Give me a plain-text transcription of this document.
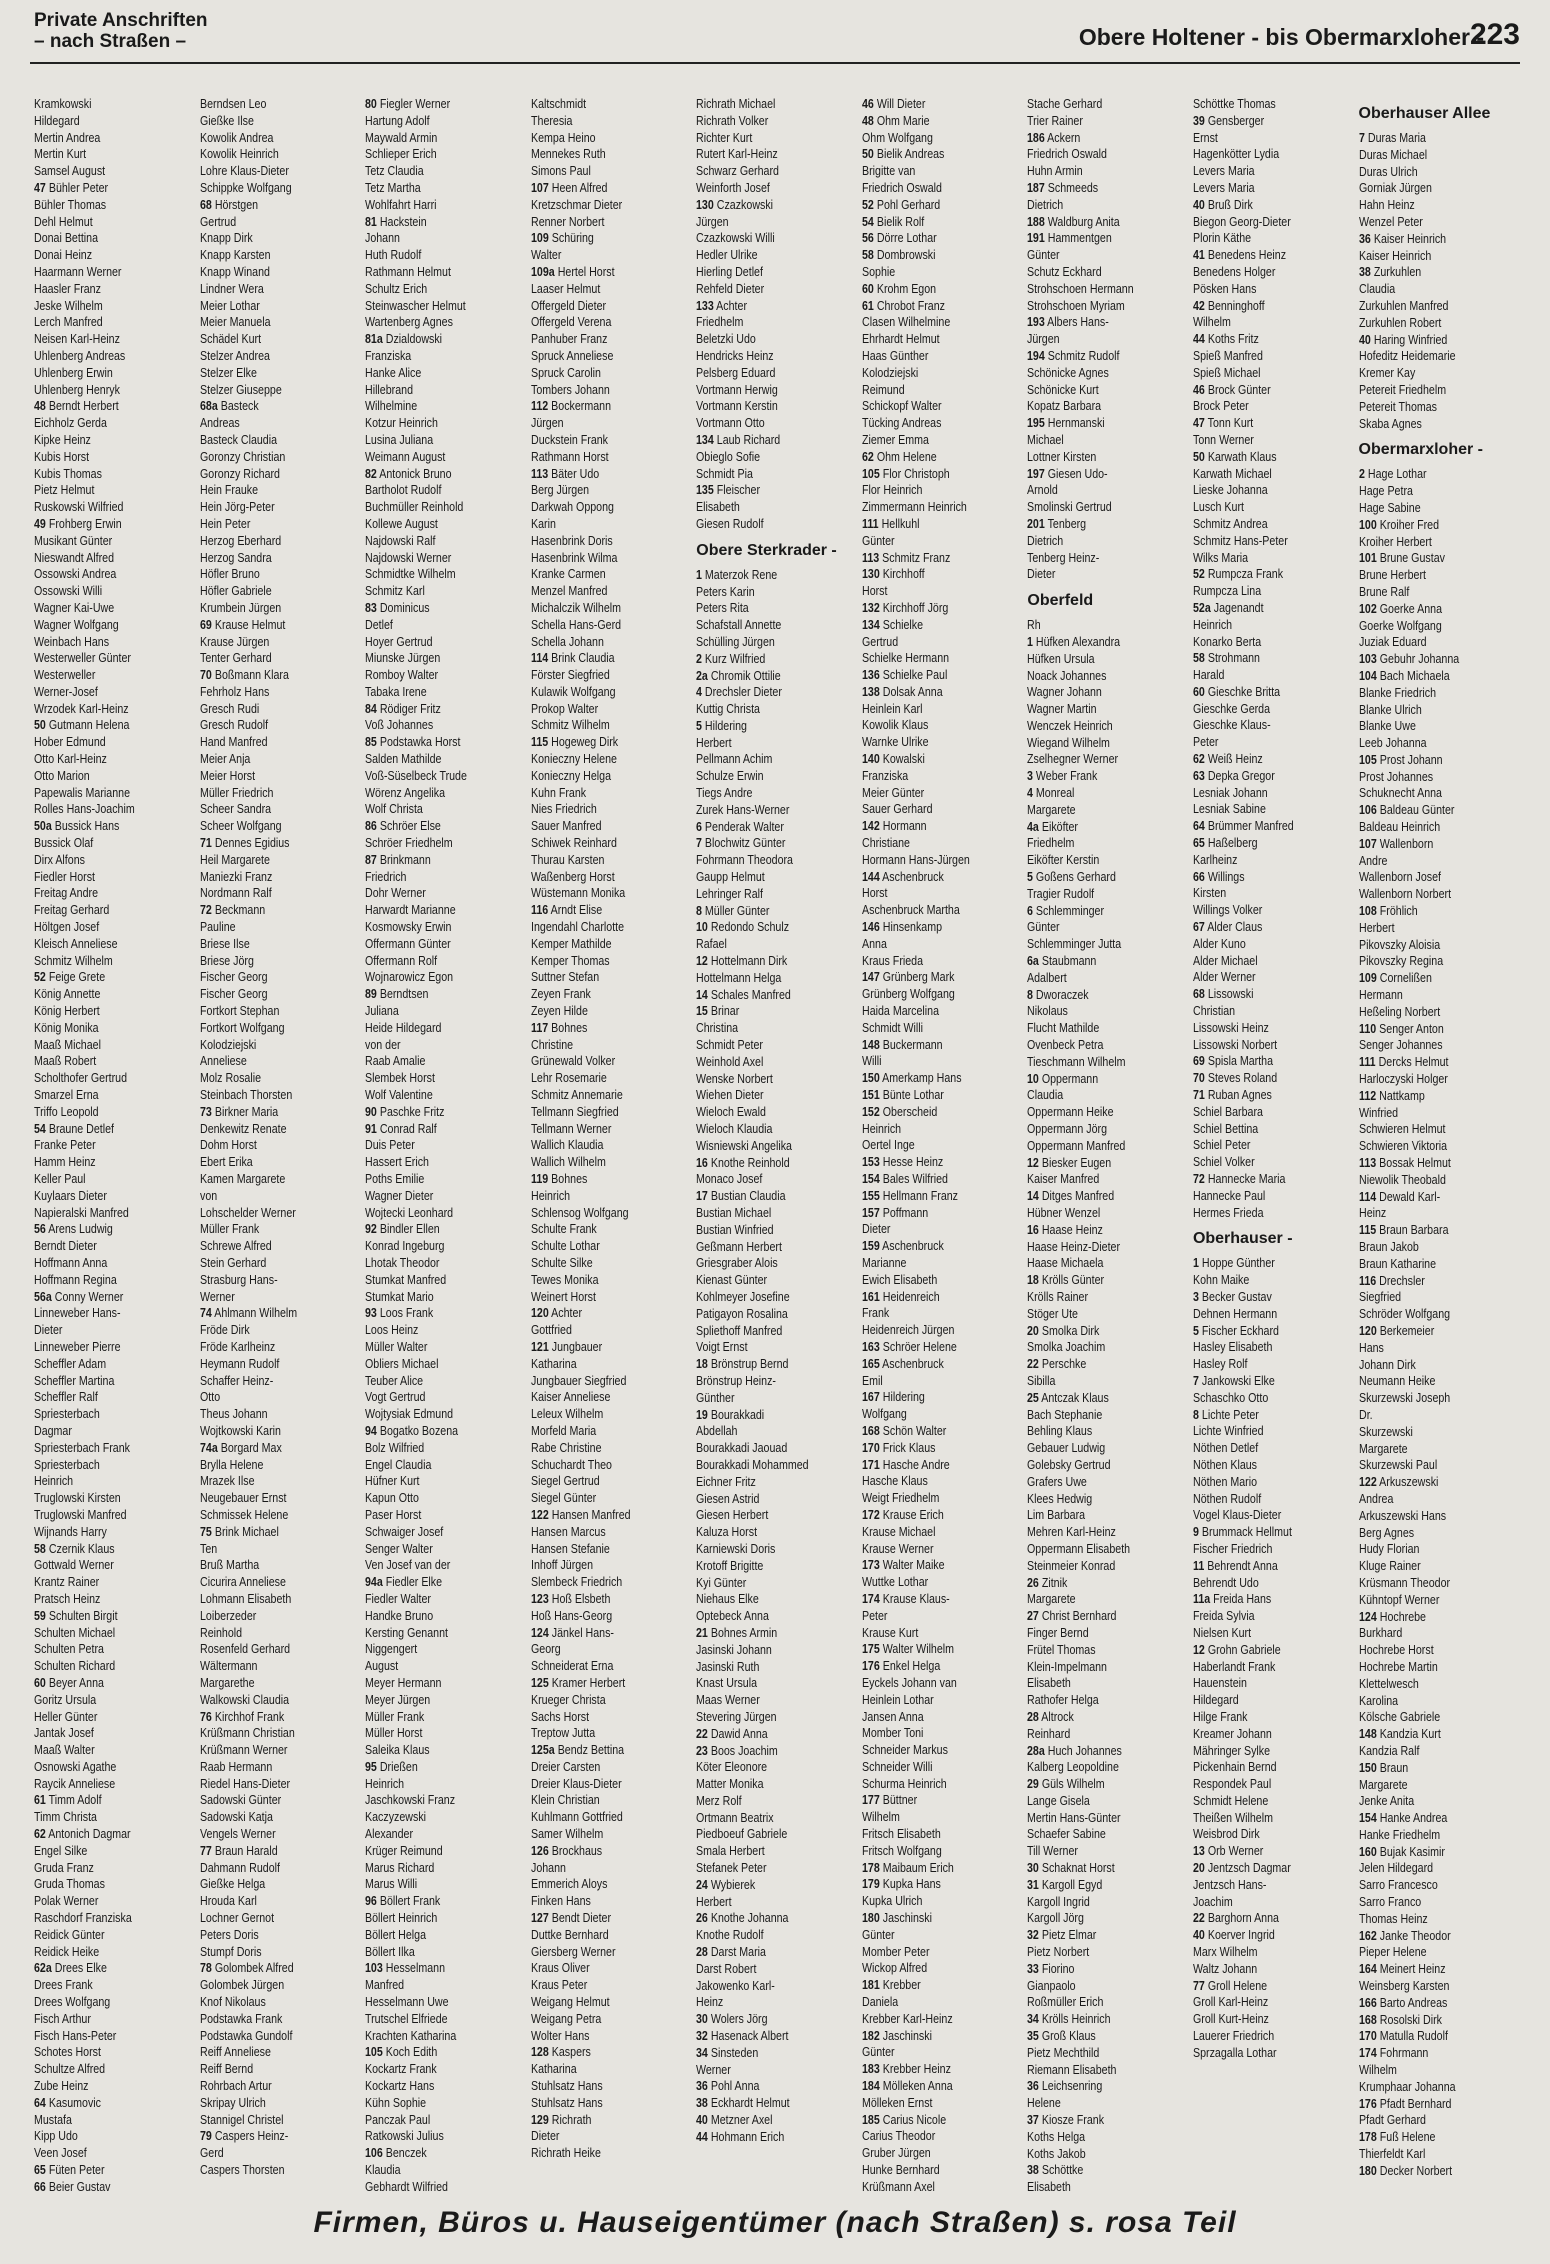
Private Anschriften
– nach Straßen –	Obere Holtener - bis Obermarxloher -
223
Kramkowski
Hildegard
Mertin Andrea
Mertin Kurt
Samsel August
47 Bühler Peter
Bühler Thomas
Dehl Helmut
Donai Bettina
Donai Heinz
Haarmann Werner
Haasler Franz
Jeske Wilhelm
Lerch Manfred
Neisen Karl-Heinz
Uhlenberg Andreas
Uhlenberg Erwin
Uhlenberg Henryk
48 Berndt Herbert
Eichholz Gerda
Kipke Heinz
Kubis Horst
Kubis Thomas
Pietz Helmut
Ruskowski Wilfried
49 Frohberg Erwin
Musikant Günter
Nieswandt Alfred
Ossowski Andrea
Ossowski Willi
Wagner Kai-Uwe
Wagner Wolfgang
Weinbach Hans
Westerweller Günter
Westerweller
Werner-Josef
Wrzodek Karl-Heinz
50 Gutmann Helena
Hober Edmund
Otto Karl-Heinz
Otto Marion
Papewalis Marianne
Rolles Hans-Joachim
50a Bussick Hans
Bussick Olaf
Dirx Alfons
Fiedler Horst
Freitag Andre
Freitag Gerhard
Höltgen Josef
Kleisch Anneliese
Schmitz Wilhelm
52 Feige Grete
König Annette
König Herbert
König Monika
Maaß Michael
Maaß Robert
Scholthofer Gertrud
Smarzel Erna
Triffo Leopold
54 Braune Detlef
Franke Peter
Hamm Heinz
Keller Paul
Kuylaars Dieter
Napieralski Manfred
56 Arens Ludwig
Berndt Dieter
Hoffmann Anna
Hoffmann Regina
56a Conny Werner
Linneweber Hans-
Dieter
Linneweber Pierre
Scheffler Adam
Scheffler Martina
Scheffler Ralf
Spriesterbach
Dagmar
Spriesterbach Frank
Spriesterbach
Heinrich
Truglowski Kirsten
Truglowski Manfred
Wijnands Harry
58 Czernik Klaus
Gottwald Werner
Krantz Rainer
Pratsch Heinz
59 Schulten Birgit
Schulten Michael
Schulten Petra
Schulten Richard
60 Beyer Anna
Goritz Ursula
Heller Günter
Jantak Josef
Maaß Walter
Osnowski Agathe
Raycik Anneliese
61 Timm Adolf
Timm Christa
62 Antonich Dagmar
Engel Silke
Gruda Franz
Gruda Thomas
Polak Werner
Raschdorf Franziska
Reidick Günter
Reidick Heike
62a Drees Elke
Drees Frank
Drees Wolfgang
Fisch Arthur
Fisch Hans-Peter
Schotes Horst
Schultze Alfred
Zube Heinz
64 Kasumovic
Mustafa
Kipp Udo
Veen Josef
65 Füten Peter
66 Beier Gustav
Berndsen Leo
Gießke Ilse
Kowolik Andrea
Kowolik Heinrich
Lohre Klaus-Dieter
Schippke Wolfgang
68 Hörstgen
Gertrud
Knapp Dirk
Knapp Karsten
Knapp Winand
Lindner Wera
Meier Lothar
Meier Manuela
Schädel Kurt
Stelzer Andrea
Stelzer Elke
Stelzer Giuseppe
68a Basteck
Andreas
Basteck Claudia
Goronzy Christian
Goronzy Richard
Hein Frauke
Hein Jörg-Peter
Hein Peter
Herzog Eberhard
Herzog Sandra
Höfler Bruno
Höfler Gabriele
Krumbein Jürgen
69 Krause Helmut
Krause Jürgen
Tenter Gerhard
70 Boßmann Klara
Fehrholz Hans
Gresch Rudi
Gresch Rudolf
Hand Manfred
Meier Anja
Meier Horst
Müller Friedrich
Scheer Sandra
Scheer Wolfgang
71 Dennes Egidius
Heil Margarete
Maniezki Franz
Nordmann Ralf
72 Beckmann
Pauline
Briese Ilse
Briese Jörg
Fischer Georg
Fischer Georg
Fortkort Stephan
Fortkort Wolfgang
Kolodziejski
Anneliese
Molz Rosalie
Steinbach Thorsten
73 Birkner Maria
Denkewitz Renate
Dohm Horst
Ebert Erika
Kamen Margarete
von
Lohschelder Werner
Müller Frank
Schrewe Alfred
Stein Gerhard
Strasburg Hans-
Werner
74 Ahlmann Wilhelm
Fröde Dirk
Fröde Karlheinz
Heymann Rudolf
Schaffer Heinz-
Otto
Theus Johann
Wojtkowski Karin
74a Borgard Max
Brylla Helene
Mrazek Ilse
Neugebauer Ernst
Schmissek Helene
75 Brink Michael
Ten
Bruß Martha
Cicurira Anneliese
Lohmann Elisabeth
Loiberzeder
Reinhold
Rosenfeld Gerhard
Wältermann
Margarethe
Walkowski Claudia
76 Kirchhof Frank
Krüßmann Christian
Krüßmann Werner
Raab Hermann
Riedel Hans-Dieter
Sadowski Günter
Sadowski Katja
Vengels Werner
77 Braun Harald
Dahmann Rudolf
Gießke Helga
Hrouda Karl
Lochner Gernot
Peters Doris
Stumpf Doris
78 Golombek Alfred
Golombek Jürgen
Knof Nikolaus
Podstawka Frank
Podstawka Gundolf
Reiff Anneliese
Reiff Bernd
Rohrbach Artur
Skripay Ulrich
Stannigel Christel
79 Caspers Heinz-
Gerd
Caspers Thorsten
80 Fiegler Werner
Hartung Adolf
Maywald Armin
Schlieper Erich
Tetz Claudia
Tetz Martha
Wohlfahrt Harri
81 Hackstein
Johann
Huth Rudolf
Rathmann Helmut
Schultz Erich
Steinwascher Helmut
Wartenberg Agnes
81a Dzialdowski
Franziska
Hanke Alice
Hillebrand
Wilhelmine
Kotzur Heinrich
Lusina Juliana
Weimann August
82 Antonick Bruno
Bartholot Rudolf
Buchmüller Reinhold
Kollewe August
Najdowski Ralf
Najdowski Werner
Schmidtke Wilhelm
Schmitz Karl
83 Dominicus
Detlef
Hoyer Gertrud
Miunske Jürgen
Romboy Walter
Tabaka Irene
84 Rödiger Fritz
Voß Johannes
85 Podstawka Horst
Salden Mathilde
Voß-Süselbeck Trude
Wörenz Angelika
Wolf Christa
86 Schröer Else
Schröer Friedhelm
87 Brinkmann
Friedrich
Dohr Werner
Harwardt Marianne
Kosmowsky Erwin
Offermann Günter
Offermann Rolf
Wojnarowicz Egon
89 Berndtsen
Juliana
Heide Hildegard
von der
Raab Amalie
Slembek Horst
Wolf Valentine
90 Paschke Fritz
91 Conrad Ralf
Duis Peter
Hassert Erich
Poths Emilie
Wagner Dieter
Wojtecki Leonhard
92 Bindler Ellen
Konrad Ingeburg
Lhotak Theodor
Stumkat Manfred
Stumkat Mario
93 Loos Frank
Loos Heinz
Müller Walter
Obliers Michael
Teuber Alice
Vogt Gertrud
Wojtysiak Edmund
94 Bogatko Bozena
Bolz Wilfried
Engel Claudia
Hüfner Kurt
Kapun Otto
Paser Horst
Schwaiger Josef
Senger Walter
Ven Josef van der
94a Fiedler Elke
Fiedler Walter
Handke Bruno
Kersting Genannt
Niggengert
August
Meyer Hermann
Meyer Jürgen
Müller Frank
Müller Horst
Saleika Klaus
95 Drießen
Heinrich
Jaschkowski Franz
Kaczyzewski
Alexander
Krüger Reimund
Marus Richard
Marus Willi
96 Böllert Frank
Böllert Heinrich
Böllert Helga
Böllert Ilka
103 Hesselmann
Manfred
Hesselmann Uwe
Trutschel Elfriede
Krachten Katharina
105 Koch Edith
Kockartz Frank
Kockartz Hans
Kühn Sophie
Panczak Paul
Ratkowski Julius
106 Benczek
Klaudia
Gebhardt Wilfried
Kaltschmidt
Theresia
Kempa Heino
Mennekes Ruth
Simons Paul
107 Heen Alfred
Kretzschmar Dieter
Renner Norbert
109 Schüring
Walter
109a Hertel Horst
Laaser Helmut
Offergeld Dieter
Offergeld Verena
Panhuber Franz
Spruck Anneliese
Spruck Carolin
Tombers Johann
112 Bockermann
Jürgen
Duckstein Frank
Rathmann Horst
113 Bäter Udo
Berg Jürgen
Darkwah Oppong
Karin
Hasenbrink Doris
Hasenbrink Wilma
Kranke Carmen
Menzel Manfred
Michalczik Wilhelm
Schella Hans-Gerd
Schella Johann
114 Brink Claudia
Förster Siegfried
Kulawik Wolfgang
Prokop Walter
Schmitz Wilhelm
115 Hogeweg Dirk
Konieczny Helene
Konieczny Helga
Kuhn Frank
Nies Friedrich
Sauer Manfred
Schiwek Reinhard
Thurau Karsten
Waßenberg Horst
Wüstemann Monika
116 Arndt Elise
Ingendahl Charlotte
Kemper Mathilde
Kemper Thomas
Suttner Stefan
Zeyen Frank
Zeyen Hilde
117 Bohnes
Christine
Grünewald Volker
Lehr Rosemarie
Schmitz Annemarie
Tellmann Siegfried
Tellmann Werner
Wallich Klaudia
Wallich Wilhelm
119 Bohnes
Heinrich
Schlensog Wolfgang
Schulte Frank
Schulte Lothar
Schulte Silke
Tewes Monika
Weinert Horst
120 Achter
Gottfried
121 Jungbauer
Katharina
Jungbauer Siegfried
Kaiser Anneliese
Leleux Wilhelm
Morfeld Maria
Rabe Christine
Schuchardt Theo
Siegel Gertrud
Siegel Günter
122 Hansen Manfred
Hansen Marcus
Hansen Stefanie
Inhoff Jürgen
Slembeck Friedrich
123 Hoß Elsbeth
Hoß Hans-Georg
124 Jänkel Hans-
Georg
Schneiderat Erna
125 Kramer Herbert
Krueger Christa
Sachs Horst
Treptow Jutta
125a Bendz Bettina
Dreier Carsten
Dreier Klaus-Dieter
Klein Christian
Kuhlmann Gottfried
Samer Wilhelm
126 Brockhaus
Johann
Emmerich Aloys
Finken Hans
127 Bendt Dieter
Duttke Bernhard
Giersberg Werner
Kraus Oliver
Kraus Peter
Weigang Helmut
Weigang Petra
Wolter Hans
128 Kaspers
Katharina
Stuhlsatz Hans
Stuhlsatz Hans
129 Richrath
Dieter
Richrath Heike
Richrath Michael
Richrath Volker
Richter Kurt
Rutert Karl-Heinz
Schwarz Gerhard
Weinforth Josef
130 Czazkowski
Jürgen
Czazkowski Willi
Hedler Ulrike
Hierling Detlef
Rehfeld Dieter
133 Achter
Friedhelm
Beletzki Udo
Hendricks Heinz
Pelsberg Eduard
Vortmann Herwig
Vortmann Kerstin
Vortmann Otto
134 Laub Richard
Obieglo Sofie
Schmidt Pia
135 Fleischer
Elisabeth
Giesen Rudolf
Obere Sterkrader -
1 Materzok Rene
Peters Karin
Peters Rita
Schafstall Annette
Schülling Jürgen
2 Kurz Wilfried
2a Chromik Ottilie
4 Drechsler Dieter
Kuttig Christa
5 Hildering
Herbert
Pellmann Achim
Schulze Erwin
Tiegs Andre
Zurek Hans-Werner
6 Penderak Walter
7 Blochwitz Günter
Fohrmann Theodora
Gaupp Helmut
Lehringer Ralf
8 Müller Günter
10 Redondo Schulz
Rafael
12 Hottelmann Dirk
Hottelmann Helga
14 Schales Manfred
15 Brinar
Christina
Schmidt Peter
Weinhold Axel
Wenske Norbert
Wiehen Dieter
Wieloch Ewald
Wieloch Klaudia
Wisniewski Angelika
16 Knothe Reinhold
Monaco Josef
17 Bustian Claudia
Bustian Michael
Bustian Winfried
Geßmann Herbert
Griesgraber Alois
Kienast Günter
Kohlmeyer Josefine
Patigayon Rosalina
Spliethoff Manfred
Voigt Ernst
18 Brönstrup Bernd
Brönstrup Heinz-
Günther
19 Bourakkadi
Abdellah
Bourakkadi Jaouad
Bourakkadi Mohammed
Eichner Fritz
Giesen Astrid
Giesen Herbert
Kaluza Horst
Karniewski Doris
Krotoff Brigitte
Kyi Günter
Niehaus Elke
Optebeck Anna
21 Bohnes Armin
Jasinski Johann
Jasinski Ruth
Knast Ursula
Maas Werner
Stevering Jürgen
22 Dawid Anna
23 Boos Joachim
Köter Eleonore
Matter Monika
Merz Rolf
Ortmann Beatrix
Piedboeuf Gabriele
Smala Herbert
Stefanek Peter
24 Wybierek
Herbert
26 Knothe Johanna
Knothe Rudolf
28 Darst Maria
Darst Robert
Jakowenko Karl-
Heinz
30 Wolers Jörg
32 Hasenack Albert
34 Sinsteden
Werner
36 Pohl Anna
38 Eckhardt Helmut
40 Metzner Axel
44 Hohmann Erich
46 Will Dieter
48 Ohm Marie
Ohm Wolfgang
50 Bielik Andreas
Brigitte van
Friedrich Oswald
52 Pohl Gerhard
54 Bielik Rolf
56 Dörre Lothar
58 Dombrowski
Sophie
60 Krohm Egon
61 Chrobot Franz
Clasen Wilhelmine
Ehrhardt Helmut
Haas Günther
Kolodziejski
Reimund
Schickopf Walter
Tücking Andreas
Ziemer Emma
62 Ohm Helene
105 Flor Christoph
Flor Heinrich
Zimmermann Heinrich
111 Hellkuhl
Günter
113 Schmitz Franz
130 Kirchhoff
Horst
132 Kirchhoff Jörg
134 Schielke
Gertrud
Schielke Hermann
136 Schielke Paul
138 Dolsak Anna
Heinlein Karl
Kowolik Klaus
Warnke Ulrike
140 Kowalski
Franziska
Meier Günter
Sauer Gerhard
142 Hormann
Christiane
Hormann Hans-Jürgen
144 Aschenbruck
Horst
Aschenbruck Martha
146 Hinsenkamp
Anna
Kraus Frieda
147 Grünberg Mark
Grünberg Wolfgang
Haida Marcelina
Schmidt Willi
148 Buckermann
Willi
150 Amerkamp Hans
151 Bünte Lothar
152 Oberscheid
Heinrich
Oertel Inge
153 Hesse Heinz
154 Bales Wilfried
155 Hellmann Franz
157 Poffmann
Dieter
159 Aschenbruck
Marianne
Ewich Elisabeth
161 Heidenreich
Frank
Heidenreich Jürgen
163 Schröer Helene
165 Aschenbruck
Emil
167 Hildering
Wolfgang
168 Schön Walter
170 Frick Klaus
171 Hasche Andre
Hasche Klaus
Weigt Friedhelm
172 Krause Erich
Krause Michael
Krause Werner
173 Walter Maike
Wuttke Lothar
174 Krause Klaus-
Peter
Krause Kurt
175 Walter Wilhelm
176 Enkel Helga
Eyckels Johann van
Heinlein Lothar
Jansen Anna
Momber Toni
Schneider Markus
Schneider Willi
Schurma Heinrich
177 Büttner
Wilhelm
Fritsch Elisabeth
Fritsch Wolfgang
178 Maibaum Erich
179 Kupka Hans
Kupka Ulrich
180 Jaschinski
Günter
Momber Peter
Wickop Alfred
181 Krebber
Daniela
Krebber Karl-Heinz
182 Jaschinski
Günter
183 Krebber Heinz
184 Mölleken Anna
Mölleken Ernst
185 Carius Nicole
Carius Theodor
Gruber Jürgen
Hunke Bernhard
Krüßmann Axel
Stache Gerhard
Trier Rainer
186 Ackern
Friedrich Oswald
Huhn Armin
187 Schmeeds
Dietrich
188 Waldburg Anita
191 Hammentgen
Günter
Schutz Eckhard
Strohschoen Hermann
Strohschoen Myriam
193 Albers Hans-
Jürgen
194 Schmitz Rudolf
Schönicke Agnes
Schönicke Kurt
Kopatz Barbara
195 Hernmanski
Michael
Lottner Kirsten
197 Giesen Udo-
Arnold
Smolinski Gertrud
201 Tenberg
Dietrich
Tenberg Heinz-
Dieter
Oberfeld
Rh
1 Hüfken Alexandra
Hüfken Ursula
Noack Johannes
Wagner Johann
Wagner Martin
Wenczek Heinrich
Wiegand Wilhelm
Zselhegner Werner
3 Weber Frank
4 Monreal
Margarete
4a Eiköfter
Friedhelm
Eiköfter Kerstin
5 Goßens Gerhard
Tragier Rudolf
6 Schlemminger
Günter
Schlemminger Jutta
6a Staubmann
Adalbert
8 Dworaczek
Nikolaus
Flucht Mathilde
Ovenbeck Petra
Tieschmann Wilhelm
10 Oppermann
Claudia
Oppermann Heike
Oppermann Jörg
Oppermann Manfred
12 Biesker Eugen
Kaiser Manfred
14 Ditges Manfred
Hübner Wenzel
16 Haase Heinz
Haase Heinz-Dieter
Haase Michaela
18 Krölls Günter
Krölls Rainer
Stöger Ute
20 Smolka Dirk
Smolka Joachim
22 Perschke
Sibilla
25 Antczak Klaus
Bach Stephanie
Behling Klaus
Gebauer Ludwig
Golebsky Gertrud
Grafers Uwe
Klees Hedwig
Lim Barbara
Mehren Karl-Heinz
Oppermann Elisabeth
Steinmeier Konrad
26 Zitnik
Margarete
27 Christ Bernhard
Finger Bernd
Frütel Thomas
Klein-Impelmann
Elisabeth
Rathofer Helga
28 Altrock
Reinhard
28a Huch Johannes
Kalberg Leopoldine
29 Güls Wilhelm
Lange Gisela
Mertin Hans-Günter
Schaefer Sabine
Till Werner
30 Schaknat Horst
31 Kargoll Egyd
Kargoll Ingrid
Kargoll Jörg
32 Pietz Elmar
Pietz Norbert
33 Fiorino
Gianpaolo
Roßmüller Erich
34 Krölls Heinrich
35 Groß Klaus
Pietz Mechthild
Riemann Elisabeth
36 Leichsenring
Helene
37 Kiosze Frank
Koths Helga
Koths Jakob
38 Schöttke
Elisabeth
Schöttke Thomas
39 Gensberger
Ernst
Hagenkötter Lydia
Levers Maria
Levers Maria
40 Bruß Dirk
Biegon Georg-Dieter
Plorin Käthe
41 Benedens Heinz
Benedens Holger
Pösken Hans
42 Benninghoff
Wilhelm
44 Koths Fritz
Spieß Manfred
Spieß Michael
46 Brock Günter
Brock Peter
47 Tonn Kurt
Tonn Werner
50 Karwath Klaus
Karwath Michael
Lieske Johanna
Lusch Kurt
Schmitz Andrea
Schmitz Hans-Peter
Wilks Maria
52 Rumpcza Frank
Rumpcza Lina
52a Jagenandt
Heinrich
Konarko Berta
58 Strohmann
Harald
60 Gieschke Britta
Gieschke Gerda
Gieschke Klaus-
Peter
62 Weiß Heinz
63 Depka Gregor
Lesniak Johann
Lesniak Sabine
64 Brümmer Manfred
65 Haßelberg
Karlheinz
66 Willings
Kirsten
Willings Volker
67 Alder Claus
Alder Kuno
Alder Michael
Alder Werner
68 Lissowski
Christian
Lissowski Heinz
Lissowski Norbert
69 Spisla Martha
70 Steves Roland
71 Ruban Agnes
Schiel Barbara
Schiel Bettina
Schiel Peter
Schiel Volker
72 Hannecke Maria
Hannecke Paul
Hermes Frieda
Oberhauser -
1 Hoppe Günther
Kohn Maike
3 Becker Gustav
Dehnen Hermann
5 Fischer Eckhard
Hasley Elisabeth
Hasley Rolf
7 Jankowski Elke
Schaschko Otto
8 Lichte Peter
Lichte Winfried
Nöthen Detlef
Nöthen Klaus
Nöthen Mario
Nöthen Rudolf
Vogel Klaus-Dieter
9 Brummack Hellmut
Fischer Friedrich
11 Behrendt Anna
Behrendt Udo
11a Freida Hans
Freida Sylvia
Nielsen Kurt
12 Grohn Gabriele
Haberlandt Frank
Hauenstein
Hildegard
Hilge Frank
Kreamer Johann
Mähringer Sylke
Pickenhain Bernd
Respondek Paul
Schmidt Helene
Theißen Wilhelm
Weisbrod Dirk
13 Orb Werner
20 Jentzsch Dagmar
Jentzsch Hans-
Joachim
22 Barghorn Anna
40 Koerver Ingrid
Marx Wilhelm
Waltz Johann
77 Groll Helene
Groll Karl-Heinz
Groll Kurt-Heinz
Lauerer Friedrich
Sprzagalla Lothar
Oberhauser Allee
7 Duras Maria
Duras Michael
Duras Ulrich
Gorniak Jürgen
Hahn Heinz
Wenzel Peter
36 Kaiser Heinrich
Kaiser Heinrich
38 Zurkuhlen
Claudia
Zurkuhlen Manfred
Zurkuhlen Robert
40 Haring Winfried
Hofeditz Heidemarie
Kremer Kay
Petereit Friedhelm
Petereit Thomas
Skaba Agnes
Obermarxloher -
2 Hage Lothar
Hage Petra
Hage Sabine
100 Kroiher Fred
Kroiher Herbert
101 Brune Gustav
Brune Herbert
Brune Ralf
102 Goerke Anna
Goerke Wolfgang
Juziak Eduard
103 Gebuhr Johanna
104 Bach Michaela
Blanke Friedrich
Blanke Ulrich
Blanke Uwe
Leeb Johanna
105 Prost Johann
Prost Johannes
Schuknecht Anna
106 Baldeau Günter
Baldeau Heinrich
107 Wallenborn
Andre
Wallenborn Josef
Wallenborn Norbert
108 Fröhlich
Herbert
Pikovszky Aloisia
Pikovszky Regina
109 Cornelißen
Hermann
Heßeling Norbert
110 Senger Anton
Senger Johannes
111 Dercks Helmut
Harloczyski Holger
112 Nattkamp
Winfried
Schwieren Helmut
Schwieren Viktoria
113 Bossak Helmut
Niewolik Theobald
114 Dewald Karl-
Heinz
115 Braun Barbara
Braun Jakob
Braun Katharine
116 Drechsler
Siegfried
Schröder Wolfgang
120 Berkemeier
Hans
Johann Dirk
Neumann Heike
Skurzewski Joseph
Dr.
Skurzewski
Margarete
Skurzewski Paul
122 Arkuszewski
Andrea
Arkuszewski Hans
Berg Agnes
Hudy Florian
Kluge Rainer
Krüsmann Theodor
Kühntopf Werner
124 Hochrebe
Burkhard
Hochrebe Horst
Hochrebe Martin
Klettelwesch
Karolina
Kölsche Gabriele
148 Kandzia Kurt
Kandzia Ralf
150 Braun
Margarete
Jenke Anita
154 Hanke Andrea
Hanke Friedhelm
160 Bujak Kasimir
Jelen Hildegard
Sarro Francesco
Sarro Franco
Thomas Heinz
162 Janke Theodor
Pieper Helene
164 Meinert Heinz
Weinsberg Karsten
166 Barto Andreas
168 Rosolski Dirk
170 Matulla Rudolf
174 Fohrmann
Wilhelm
Krumphaar Johanna
176 Pfadt Bernhard
Pfadt Gerhard
178 Fuß Helene
Thierfeldt Karl
180 Decker Norbert
Firmen, Büros u. Hauseigentümer (nach Straßen) s. rosa Teil
